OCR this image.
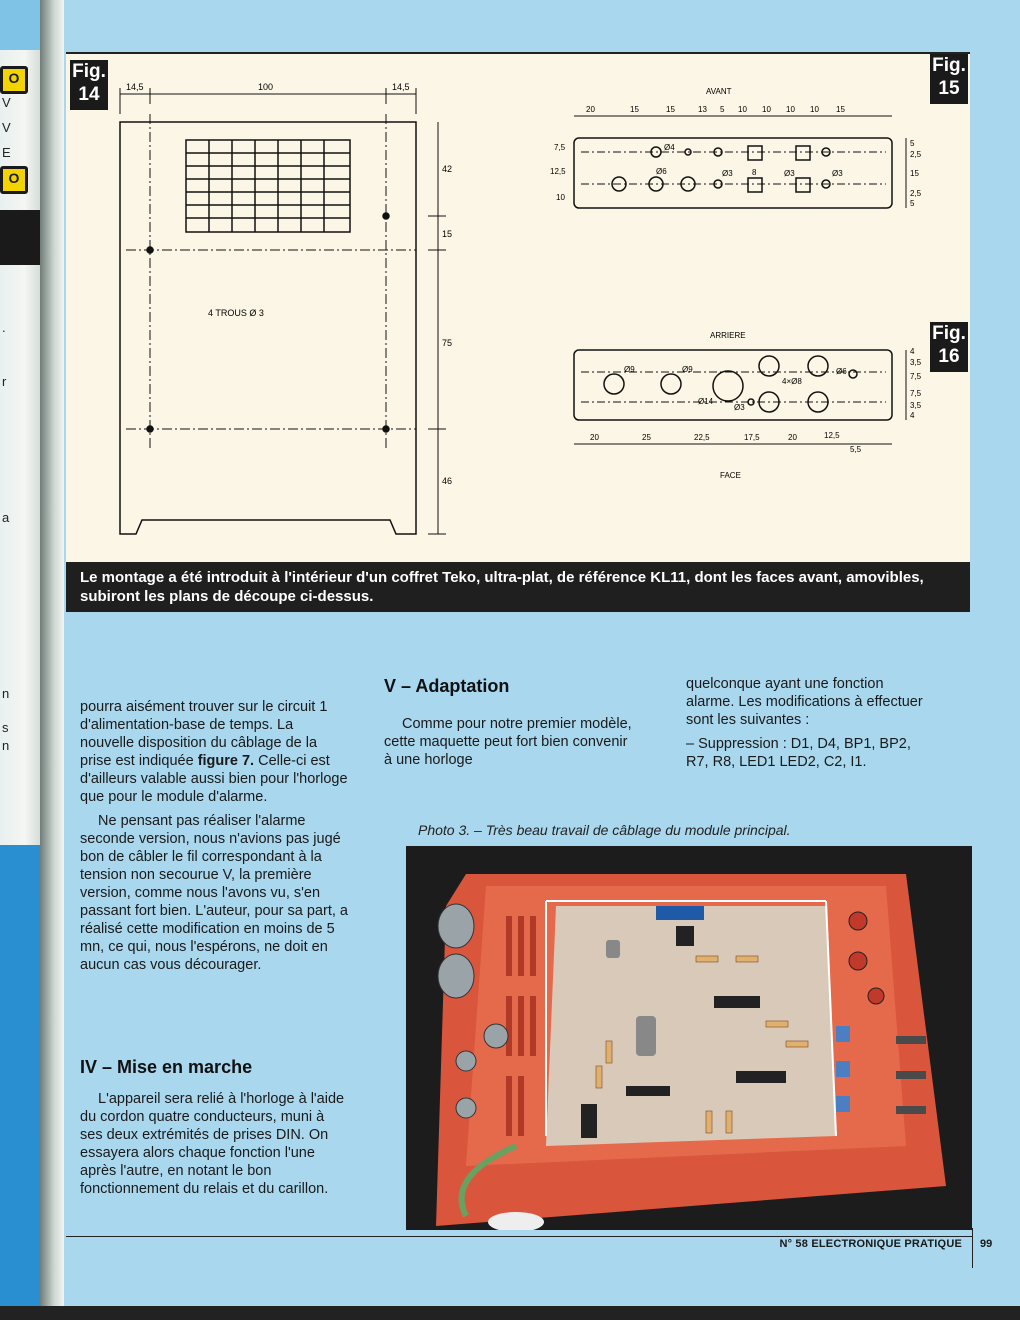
O
V
V
E
O
.
r
a
n
s
n
14,5	100	14,5
42
15
75
46
4 TROUS Ø 3
AVANT
20	15	15	13 5 10 10 10 10 15
7,5
12,5
10
5
2,5
15
2,5
5
Ø4
Ø6	Ø3 8	Ø3	Ø3
ARRIERE
FACE
20	25	22,5	17,5	20	12,5
5,5
4
3,5
7,5
7,5
3,5
4
Ø9	Ø9
Ø14
Ø3
4×Ø8
Ø6
Fig. 14
Fig. 15
Fig. 16
Le montage a été introduit à l'intérieur d'un coffret Teko, ultra-plat, de référence KL11, dont les faces avant, amovibles, subiront les plans de découpe ci-dessus.

pourra aisément trouver sur le circuit 1 d'alimentation-base de temps. La nouvelle disposition du câblage de la prise est indiquée figure 7. Celle-ci est d'ailleurs valable aussi bien pour l'horloge que pour le module d'alarme.

Ne pensant pas réaliser l'alarme seconde version, nous n'avions pas jugé bon de câbler le fil correspondant à la tension non secourue V, la première version, comme nous l'avons vu, s'en passant fort bien. L'auteur, pour sa part, a réalisé cette modification en moins de 5 mn, ce qui, nous l'espérons, ne doit en aucun cas vous décourager.

IV – Mise en marche

L'appareil sera relié à l'horloge à l'aide du cordon quatre conducteurs, muni à ses deux extrémités de prises DIN. On essayera alors chaque fonction l'une après l'autre, en notant le bon fonctionnement du relais et du carillon.

V – Adaptation

Comme pour notre premier modèle, cette maquette peut fort bien convenir à une horloge

quelconque ayant une fonction alarme. Les modifications à effectuer sont les suivantes :

– Suppression : D1, D4, BP1, BP2, R7, R8, LED1 LED2, C2, I1.

Photo 3. – Très beau travail de câblage du module principal.
N° 58 ELECTRONIQUE PRATIQUE 99
